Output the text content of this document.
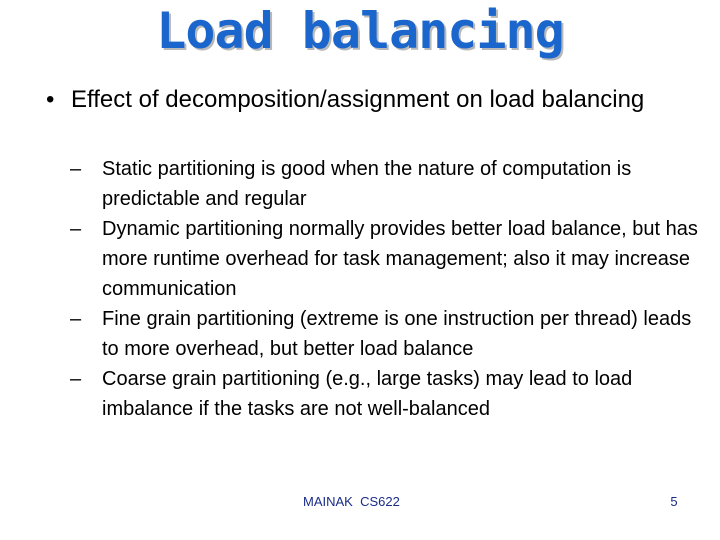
Load balancing
• Effect of decomposition/assignment on load balancing
– Static partitioning is good when the nature of computation is predictable and regular
– Dynamic partitioning normally provides better load balance, but has more runtime overhead for task management; also it may increase communication
– Fine grain partitioning (extreme is one instruction per thread) leads to more overhead, but better load balance
– Coarse grain partitioning (e.g., large tasks) may lead to load imbalance if the tasks are not well-balanced
MAINAK  CS622	5
